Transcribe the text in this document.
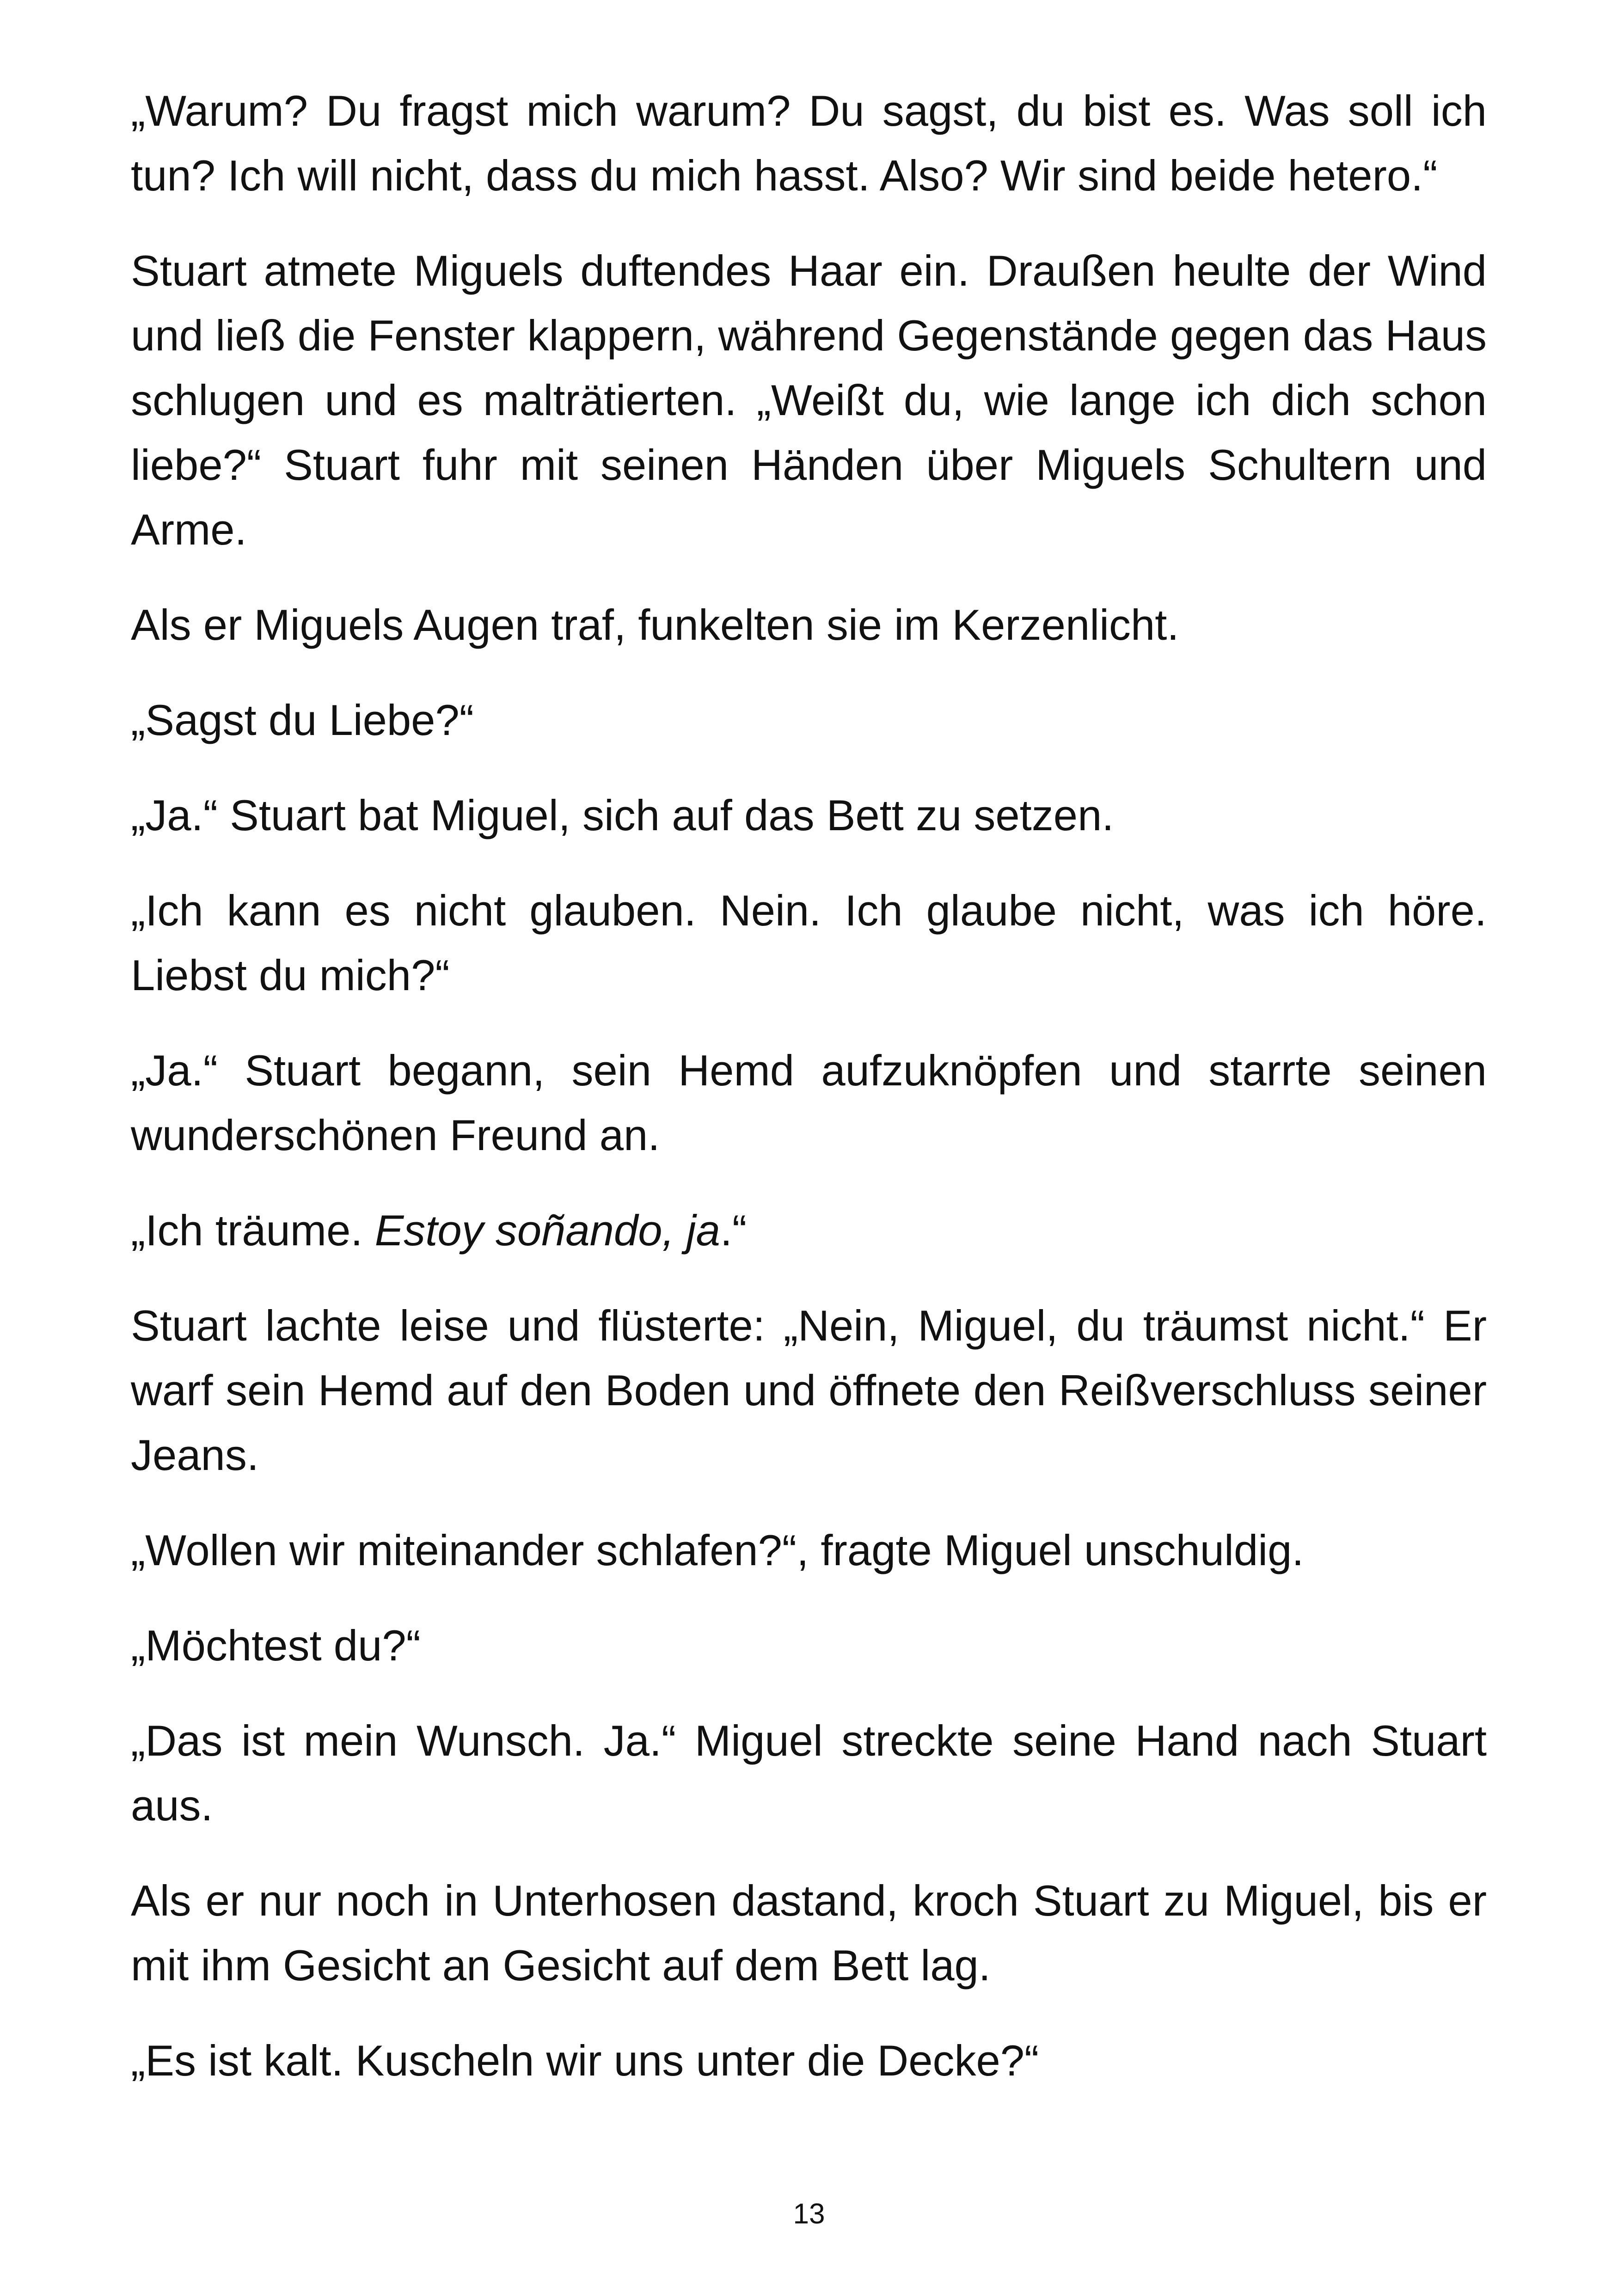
„Warum? Du fragst mich warum? Du sagst, du bist es. Was soll ich tun? Ich will nicht, dass du mich hasst. Also? Wir sind beide hetero.“

Stuart atmete Miguels duftendes Haar ein. Draußen heulte der Wind und ließ die Fenster klappern, während Gegenstände gegen das Haus schlugen und es malträtierten. „Weißt du, wie lange ich dich schon liebe?“ Stuart fuhr mit seinen Händen über Miguels Schultern und Arme.

Als er Miguels Augen traf, funkelten sie im Kerzenlicht.

„Sagst du Liebe?“

„Ja.“ Stuart bat Miguel, sich auf das Bett zu setzen.

„Ich kann es nicht glauben. Nein. Ich glaube nicht, was ich höre. Liebst du mich?“

„Ja.“ Stuart begann, sein Hemd aufzuknöpfen und starrte seinen wunderschönen Freund an.

„Ich träume. Estoy soñando, ja.“

Stuart lachte leise und flüsterte: „Nein, Miguel, du träumst nicht.“ Er warf sein Hemd auf den Boden und öffnete den Reißverschluss seiner Jeans.

„Wollen wir miteinander schlafen?“, fragte Miguel unschuldig.

„Möchtest du?“

„Das ist mein Wunsch. Ja.“ Miguel streckte seine Hand nach Stuart aus.

Als er nur noch in Unterhosen dastand, kroch Stuart zu Miguel, bis er mit ihm Gesicht an Gesicht auf dem Bett lag.

„Es ist kalt. Kuscheln wir uns unter die Decke?“

13
